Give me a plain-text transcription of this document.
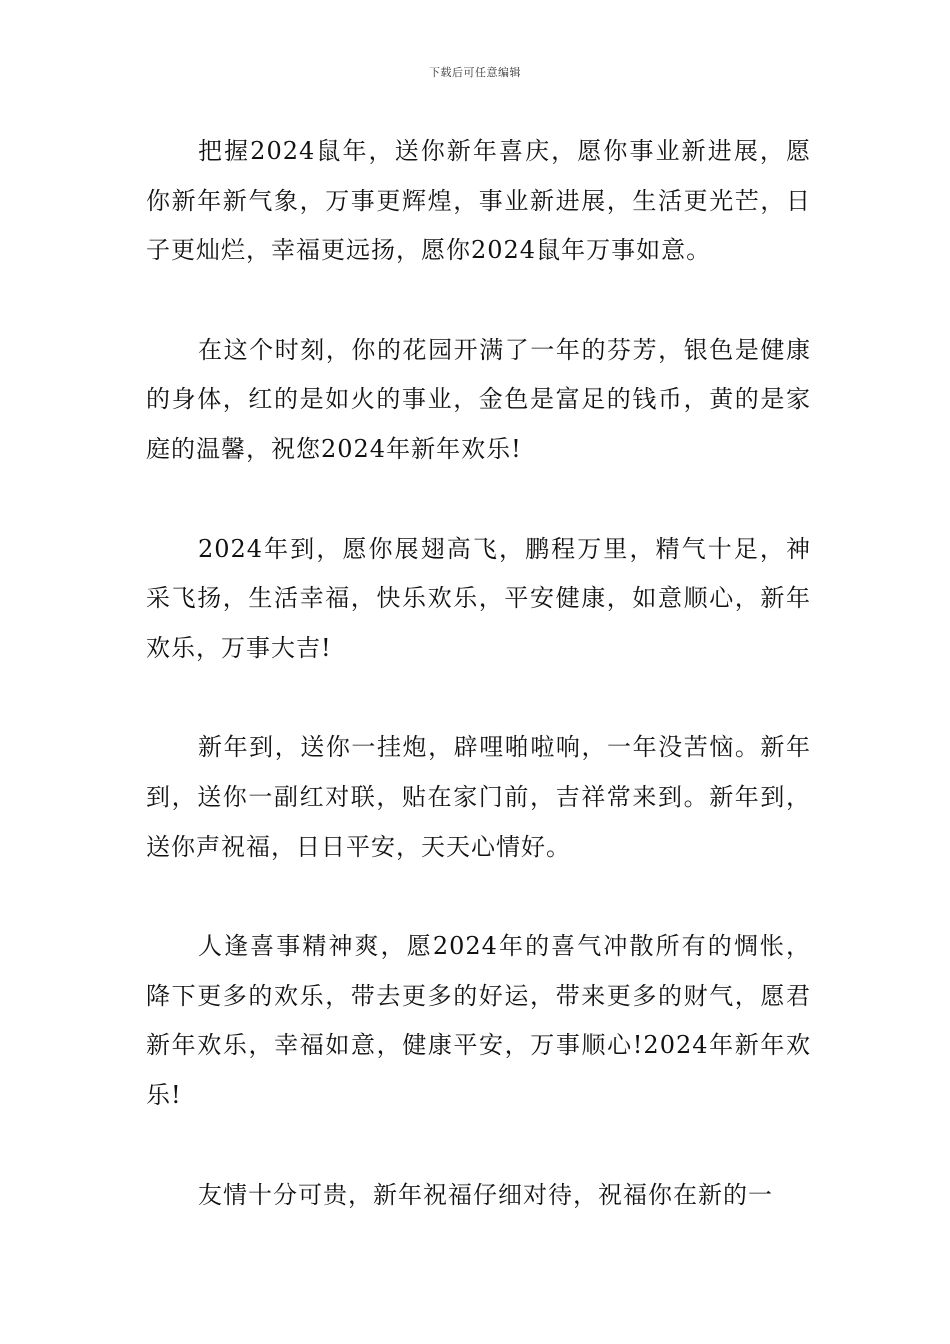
下载后可任意编辑

把握2024鼠年，送你新年喜庆，愿你事业新进展，愿你新年新气象，万事更辉煌，事业新进展，生活更光芒，日子更灿烂，幸福更远扬，愿你2024鼠年万事如意。

在这个时刻，你的花园开满了一年的芬芳，银色是健康的身体，红的是如火的事业，金色是富足的钱币，黄的是家庭的温馨，祝您2024年新年欢乐!

2024年到，愿你展翅高飞，鹏程万里，精气十足，神采飞扬，生活幸福，快乐欢乐，平安健康，如意顺心，新年欢乐，万事大吉!

新年到，送你一挂炮，辟哩啪啦响，一年没苦恼。新年到，送你一副红对联，贴在家门前，吉祥常来到。新年到，送你声祝福，日日平安，天天心情好。

人逢喜事精神爽，愿2024年的喜气冲散所有的惆怅，降下更多的欢乐，带去更多的好运，带来更多的财气，愿君新年欢乐，幸福如意，健康平安，万事顺心!2024年新年欢乐!

友情十分可贵，新年祝福仔细对待，祝福你在新的一
